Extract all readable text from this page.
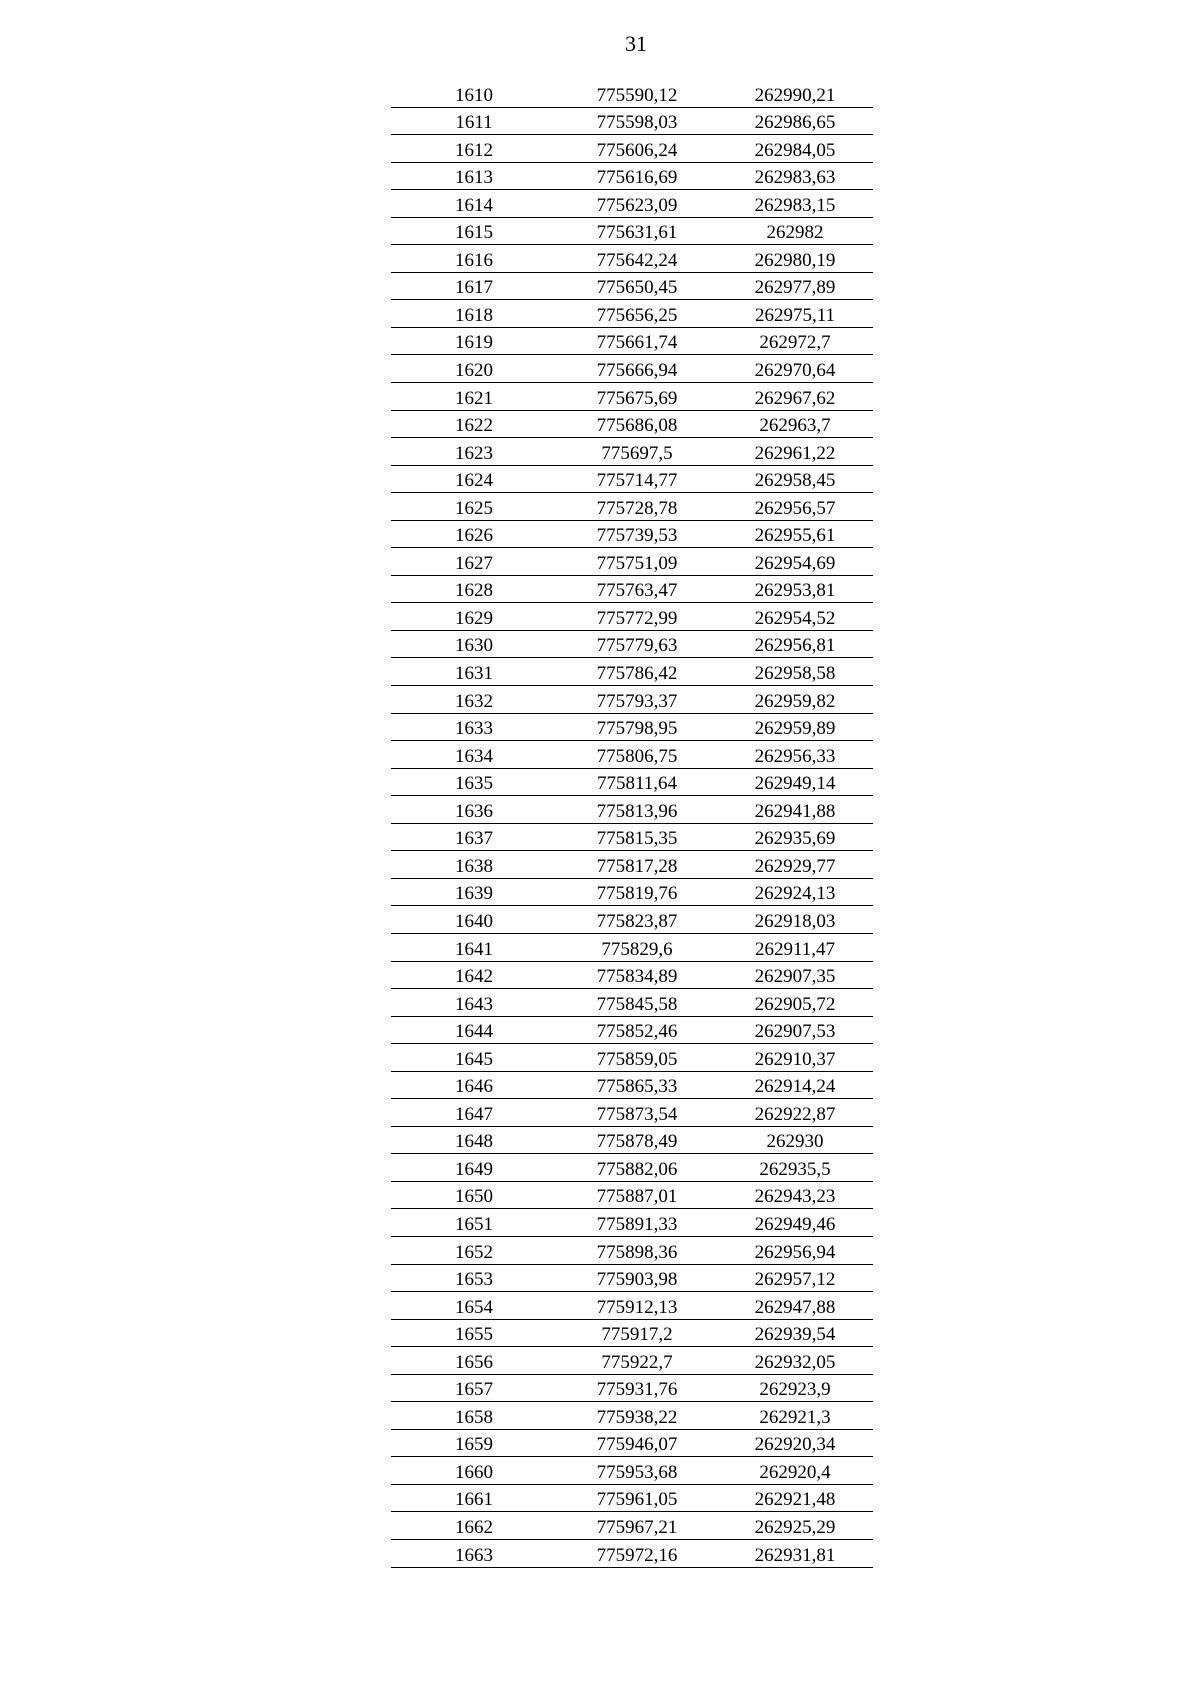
31
1610	775590,12	262990,21
1611	775598,03	262986,65
1612	775606,24	262984,05
1613	775616,69	262983,63
1614	775623,09	262983,15
1615	775631,61	262982
1616	775642,24	262980,19
1617	775650,45	262977,89
1618	775656,25	262975,11
1619	775661,74	262972,7
1620	775666,94	262970,64
1621	775675,69	262967,62
1622	775686,08	262963,7
1623	775697,5	262961,22
1624	775714,77	262958,45
1625	775728,78	262956,57
1626	775739,53	262955,61
1627	775751,09	262954,69
1628	775763,47	262953,81
1629	775772,99	262954,52
1630	775779,63	262956,81
1631	775786,42	262958,58
1632	775793,37	262959,82
1633	775798,95	262959,89
1634	775806,75	262956,33
1635	775811,64	262949,14
1636	775813,96	262941,88
1637	775815,35	262935,69
1638	775817,28	262929,77
1639	775819,76	262924,13
1640	775823,87	262918,03
1641	775829,6	262911,47
1642	775834,89	262907,35
1643	775845,58	262905,72
1644	775852,46	262907,53
1645	775859,05	262910,37
1646	775865,33	262914,24
1647	775873,54	262922,87
1648	775878,49	262930
1649	775882,06	262935,5
1650	775887,01	262943,23
1651	775891,33	262949,46
1652	775898,36	262956,94
1653	775903,98	262957,12
1654	775912,13	262947,88
1655	775917,2	262939,54
1656	775922,7	262932,05
1657	775931,76	262923,9
1658	775938,22	262921,3
1659	775946,07	262920,34
1660	775953,68	262920,4
1661	775961,05	262921,48
1662	775967,21	262925,29
1663	775972,16	262931,81
